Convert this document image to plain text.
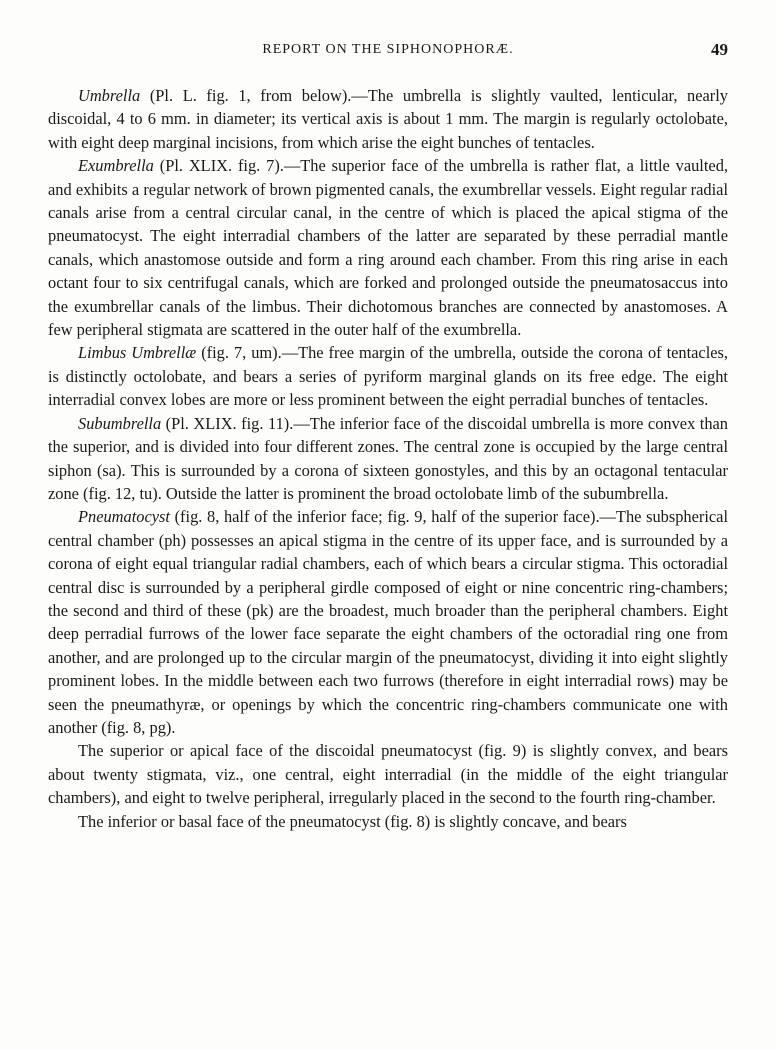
REPORT ON THE SIPHONOPHORÆ.	49

Umbrella (Pl. L. fig. 1, from below).—The umbrella is slightly vaulted, lenticular, nearly discoidal, 4 to 6 mm. in diameter; its vertical axis is about 1 mm. The margin is regularly octolobate, with eight deep marginal incisions, from which arise the eight bunches of tentacles.

Exumbrella (Pl. XLIX. fig. 7).—The superior face of the umbrella is rather flat, a little vaulted, and exhibits a regular network of brown pigmented canals, the exumbrellar vessels. Eight regular radial canals arise from a central circular canal, in the centre of which is placed the apical stigma of the pneumatocyst. The eight interradial chambers of the latter are separated by these perradial mantle canals, which anastomose outside and form a ring around each chamber. From this ring arise in each octant four to six centrifugal canals, which are forked and prolonged outside the pneumatosaccus into the exumbrellar canals of the limbus. Their dichotomous branches are connected by anastomoses. A few peripheral stigmata are scattered in the outer half of the exumbrella.

Limbus Umbrellæ (fig. 7, um).—The free margin of the umbrella, outside the corona of tentacles, is distinctly octolobate, and bears a series of pyriform marginal glands on its free edge. The eight interradial convex lobes are more or less prominent between the eight perradial bunches of tentacles.

Subumbrella (Pl. XLIX. fig. 11).—The inferior face of the discoidal umbrella is more convex than the superior, and is divided into four different zones. The central zone is occupied by the large central siphon (sa). This is surrounded by a corona of sixteen gonostyles, and this by an octagonal tentacular zone (fig. 12, tu). Outside the latter is prominent the broad octolobate limb of the subumbrella.

Pneumatocyst (fig. 8, half of the inferior face; fig. 9, half of the superior face).—The subspherical central chamber (ph) possesses an apical stigma in the centre of its upper face, and is surrounded by a corona of eight equal triangular radial chambers, each of which bears a circular stigma. This octoradial central disc is surrounded by a peripheral girdle composed of eight or nine concentric ring-chambers; the second and third of these (pk) are the broadest, much broader than the peripheral chambers. Eight deep perradial furrows of the lower face separate the eight chambers of the octoradial ring one from another, and are prolonged up to the circular margin of the pneumatocyst, dividing it into eight slightly prominent lobes. In the middle between each two furrows (therefore in eight interradial rows) may be seen the pneumathyræ, or openings by which the concentric ring-chambers communicate one with another (fig. 8, pg).

The superior or apical face of the discoidal pneumatocyst (fig. 9) is slightly convex, and bears about twenty stigmata, viz., one central, eight interradial (in the middle of the eight triangular chambers), and eight to twelve peripheral, irregularly placed in the second to the fourth ring-chamber.

The inferior or basal face of the pneumatocyst (fig. 8) is slightly concave, and bears
